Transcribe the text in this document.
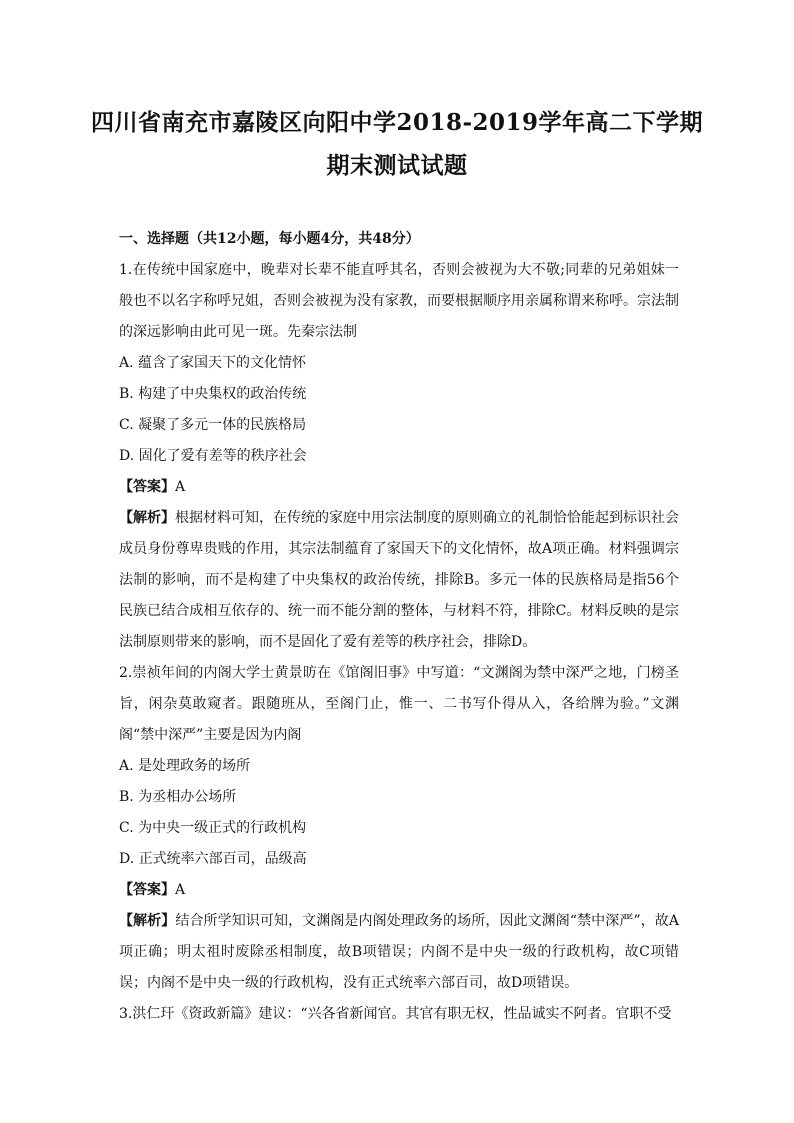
四川省南充市嘉陵区向阳中学2018-2019学年高二下学期
期末测试试题

一、选择题（共12小题，每小题4分，共48分）

1.在传统中国家庭中，晚辈对长辈不能直呼其名，否则会被视为大不敬;同辈的兄弟姐妹一般也不以名字称呼兄姐，否则会被视为没有家教，而要根据顺序用亲属称谓来称呼。宗法制的深远影响由此可见一斑。先秦宗法制

A. 蕴含了家国天下的文化情怀

B. 构建了中央集权的政治传统

C. 凝聚了多元一体的民族格局

D. 固化了爱有差等的秩序社会

【答案】A

【解析】根据材料可知，在传统的家庭中用宗法制度的原则确立的礼制恰恰能起到标识社会成员身份尊卑贵贱的作用，其宗法制蕴育了家国天下的文化情怀，故A项正确。材料强调宗法制的影响，而不是构建了中央集权的政治传统，排除B。多元一体的民族格局是指56个民族已结合成相互依存的、统一而不能分割的整体，与材料不符，排除C。材料反映的是宗法制原则带来的影响，而不是固化了爱有差等的秩序社会，排除D。

2.崇祯年间的内阁大学士黄景昉在《馆阁旧事》中写道：“文渊阁为禁中深严之地，门榜圣旨，闲杂莫敢窥者。跟随班从，至阁门止，惟一、二书写仆得从入，各给牌为验。”文渊阁“禁中深严”主要是因为内阁

A. 是处理政务的场所

B. 为丞相办公场所

C. 为中央一级正式的行政机构

D. 正式统率六部百司，品级高

【答案】A

【解析】结合所学知识可知，文渊阁是内阁处理政务的场所，因此文渊阁“禁中深严”，故A项正确；明太祖时废除丞相制度，故B项错误；内阁不是中央一级的行政机构，故C项错误；内阁不是中央一级的行政机构，没有正式统率六部百司，故D项错误。

3.洪仁玕《资政新篇》建议：“兴各省新闻官。其官有职无权，性品诚实不阿者。官职不受
